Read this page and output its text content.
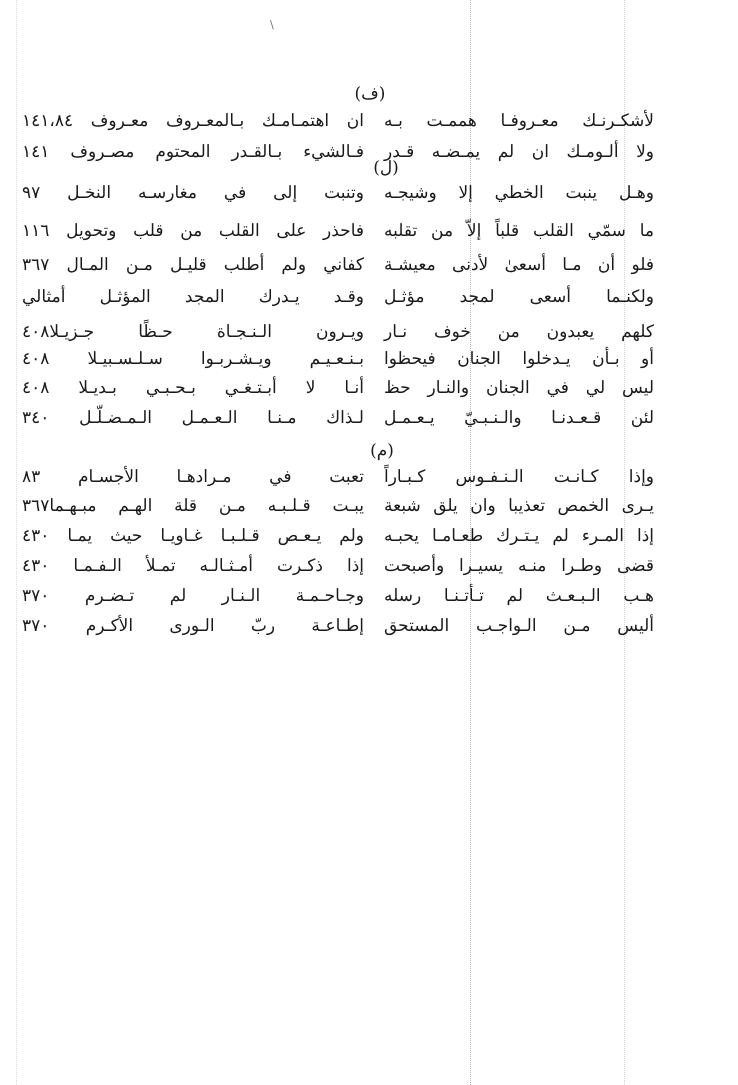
\
(ف)
لأشكـرنـك معـروفـا هممـت بـه
ان اهتمـامـك بـالمعـروف معـروف ١٤١،٨٤
ولا ألـومـك ان لم يمـضـه قـدر
فـالشيء بـالقـدر المحتوم مصـروف ١٤١
(ل)
وهـل ينبت الخطي إلا وشيجـه
وتنبت إلى في مغارسـه النخـل ٩٧
ما سمّي القلب قلباً إلاّ من تقلبه
فاحذر على القلب من قلب وتحويل ١١٦
فلو أن مـا أسعىٰ لأدنى معيشـة
كفاني ولم أطلب قليـل مـن المـال ٣٦٧
ولكنـما أسعى لمجد مؤثـل
وقـد يـدرك المجد المؤثـل أمثالي
كلهم يعبدون من خوف نـار
ويـرون الـنـجـاة حـظًا جـزيـلا٤٠٨
أو بـأن يـدخلوا الجنان فيحظوا
بـنـعـيـم ويـشـربـوا سـلـسـبيـلا ٤٠٨
ليس لي في الجنان والنـار حظ
أنـا لا أبـتـغـي بـحـبـي بـديـلا ٤٠٨
لئن قـعـدنـا والـنـبـيّ يـعـمـل
لـذاك مـنـا الـعـمـل الـمـضـلّـل ٣٤٠
(م)
وإذا كـانـت الـنـفـوس كـبـاراً
تعبت في مـرادهـا الأجسـام ٨٣
يـرى الخمص تعذيبا وان يلق شبعة
يبـت قـلـبـه مـن قلة الهـم مبـهـما٣٦٧
إذا المـرء لم يـتـرك طعـامـا يحبـه
ولم يـعـص قـلـبـا غـاويـا حيث يمـا ٤٣٠
قضى وطـرا منـه يسيـرا وأصبحت
إذا ذكـرت أمـثـالـه تمـلأ الـفـمـا ٤٣٠
هـب الـبـعـث لم تـأتـنـا رسله
وجـاحـمـة الـنـار لم تـضـرم ٣٧٠
أليس مـن الـواجـب المستحق
إطـاعـة ربّ الـورى الأكـرم ٣٧٠
